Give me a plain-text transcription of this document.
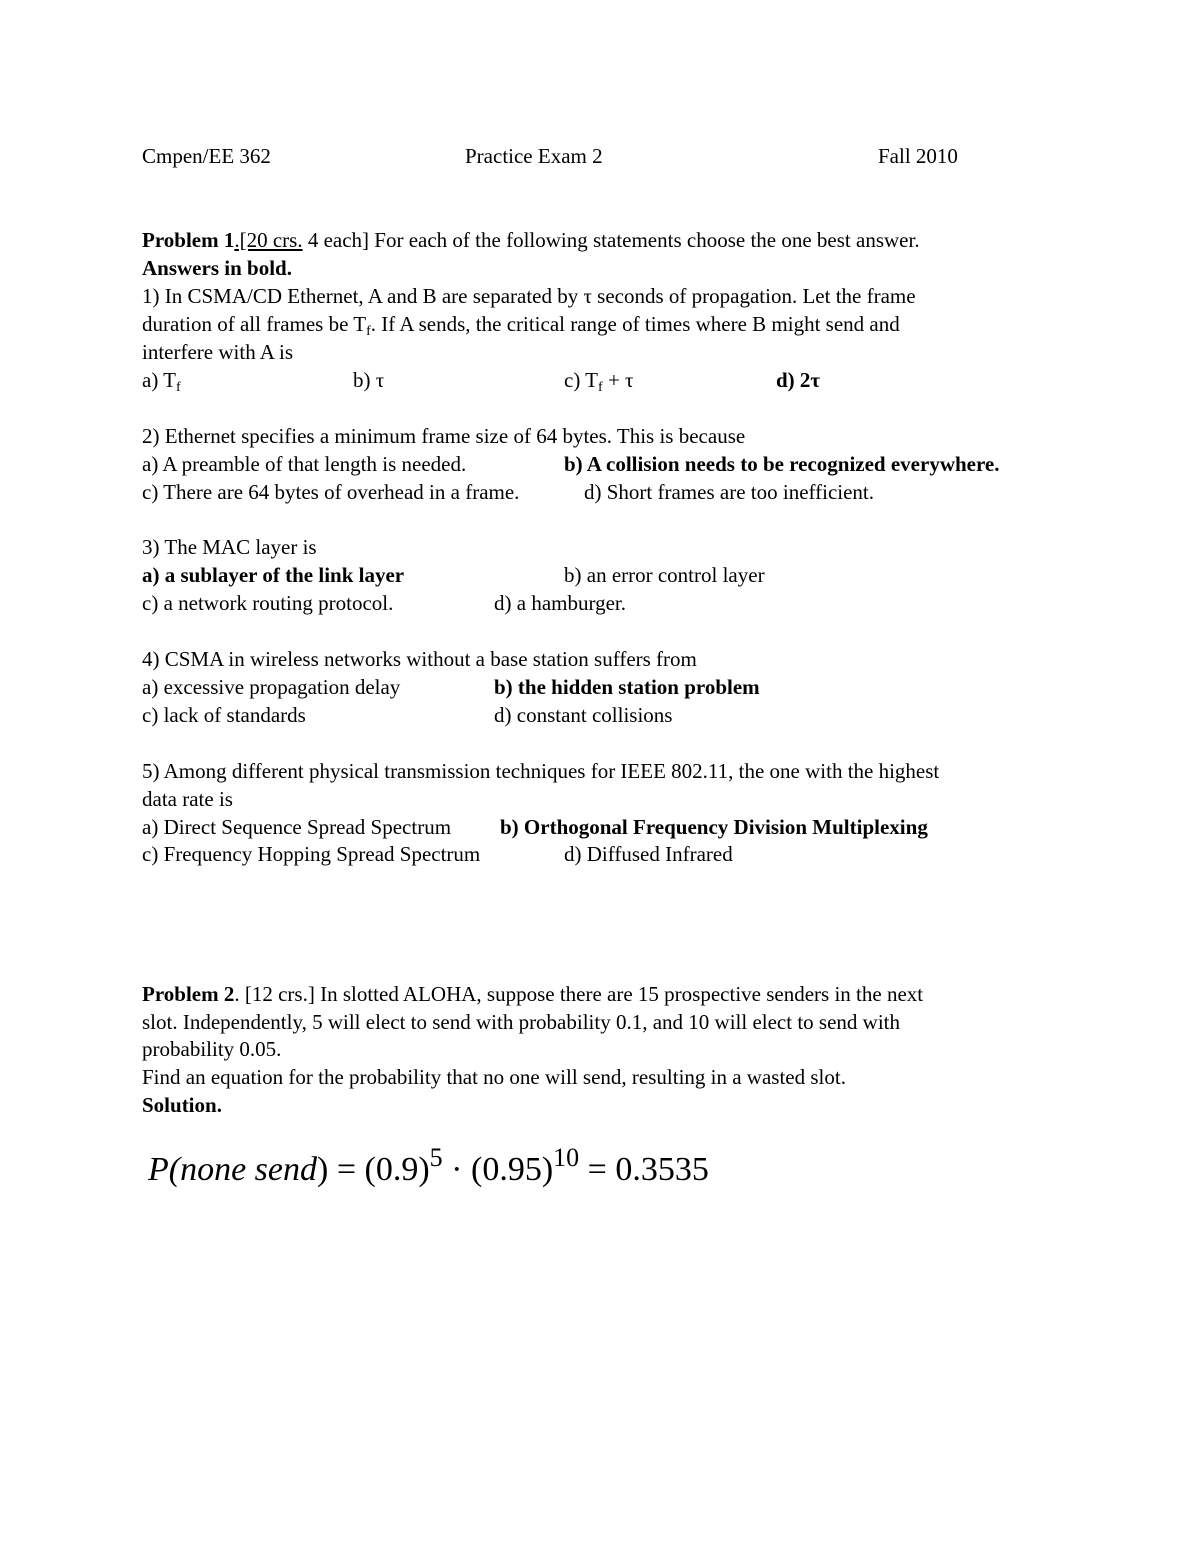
Cmpen/EE 362	Practice Exam 2	Fall 2010
Problem 1.[20 crs. 4 each] For each of the following statements choose the one best answer.
Answers in bold.
1) In CSMA/CD Ethernet, A and B are separated by τ seconds of propagation. Let the frame
duration of all frames be $T_f$. If A sends, the critical range of times where B might send and
interfere with A is
a) $T_f$	b) τ	c) $T_f + \tau$	d) 2τ
2) Ethernet specifies a minimum frame size of 64 bytes. This is because
a) A preamble of that length is needed.	b) A collision needs to be recognized everywhere.
c) There are 64 bytes of overhead in a frame.	d) Short frames are too inefficient.
3) The MAC layer is
a) a sublayer of the link layer	b) an error control layer
c) a network routing protocol.	d) a hamburger.
4) CSMA in wireless networks without a base station suffers from
a) excessive propagation delay	b) the hidden station problem
c) lack of standards	d) constant collisions
5) Among different physical transmission techniques for IEEE 802.11, the one with the highest
data rate is
a) Direct Sequence Spread Spectrum b) Orthogonal Frequency Division Multiplexing
c) Frequency Hopping Spread Spectrum	d) Diffused Infrared
Problem 2. [12 crs.] In slotted ALOHA, suppose there are 15 prospective senders in the next
slot. Independently, 5 will elect to send with probability 0.1, and 10 will elect to send with
probability 0.05.
Find an equation for the probability that no one will send, resulting in a wasted slot.
Solution.
P(none send) = $(0.9)^5 \cdot (0.95)^{10} = 0.3535$
